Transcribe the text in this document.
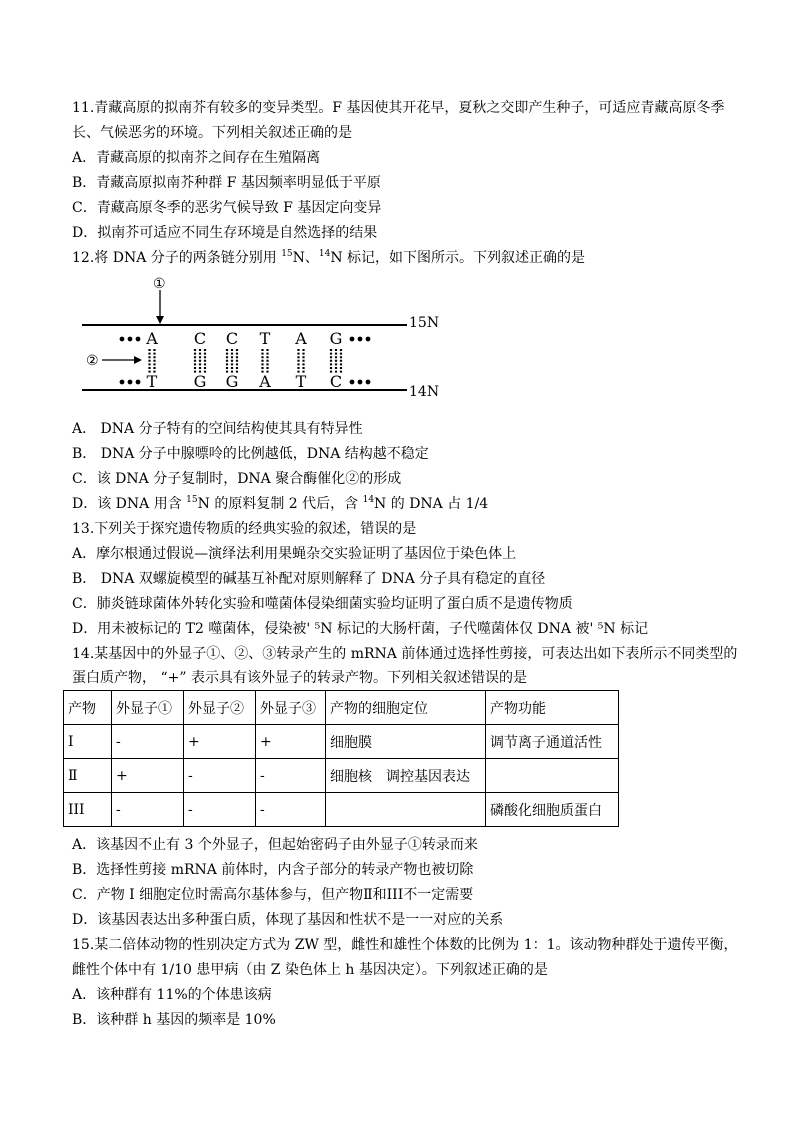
11.青藏高原的拟南芥有较多的变异类型。F 基因使其开花早，夏秋之交即产生种子，可适应青藏高原冬季
长、气候恶劣的环境。下列相关叙述正确的是
A．青藏高原的拟南芥之间存在生殖隔离
B．青藏高原拟南芥种群 F 基因频率明显低于平原
C．青藏高原冬季的恶劣气候导致 F 基因定向变异
D．拟南芥可适应不同生存环境是自然选择的结果
12.将 DNA 分子的两条链分别用 $^{15}$N、$^{14}$N 标记，如下图所示。下列叙述正确的是
A C C T A G
T G G A T C
①
②
15N
14N
A． DNA 分子特有的空间结构使其具有特异性
B． DNA 分子中腺嘌呤的比例越低，DNA 结构越不稳定
C．该 DNA 分子复制时，DNA 聚合酶催化②的形成
D．该 DNA 用含 $^{15}$N 的原料复制 2 代后，含 $^{14}$N 的 DNA 占 1/4
13.下列关于探究遗传物质的经典实验的叙述，错误的是
A．摩尔根通过假说—演绎法利用果蝇杂交实验证明了基因位于染色体上
B． DNA 双螺旋模型的碱基互补配对原则解释了 DNA 分子具有稳定的直径
C．肺炎链球菌体外转化实验和噬菌体侵染细菌实验均证明了蛋白质不是遗传物质
D．用未被标记的 T2 噬菌体，侵染被' ⁵N 标记的大肠杆菌，子代噬菌体仅 DNA 被' ⁵N 标记
14.某基因中的外显子①、②、③转录产生的 mRNA 前体通过选择性剪接，可表达出如下表所示不同类型的
蛋白质产物， “+” 表示具有该外显子的转录产物。下列相关叙述错误的是
产物	外显子①	外显子②	外显子③	产物的细胞定位	产物功能
I	-	+	+	细胞膜	调节离子通道活性
Ⅱ	+	-	-	细胞核　调控基因表达	
III	-	-	-		磷酸化细胞质蛋白
A．该基因不止有 3 个外显子，但起始密码子由外显子①转录而来
B．选择性剪接 mRNA 前体时，内含子部分的转录产物也被切除
C．产物 I 细胞定位时需高尔基体参与，但产物Ⅱ和III不一定需要
D．该基因表达出多种蛋白质，体现了基因和性状不是一一对应的关系
15.某二倍体动物的性别决定方式为 ZW 型，雌性和雄性个体数的比例为 1：1。该动物种群处于遗传平衡，
雌性个体中有 1/10 患甲病（由 Z 染色体上 h 基因决定）。下列叙述正确的是
A．该种群有 11%的个体患该病
B．该种群 h 基因的频率是 10%
